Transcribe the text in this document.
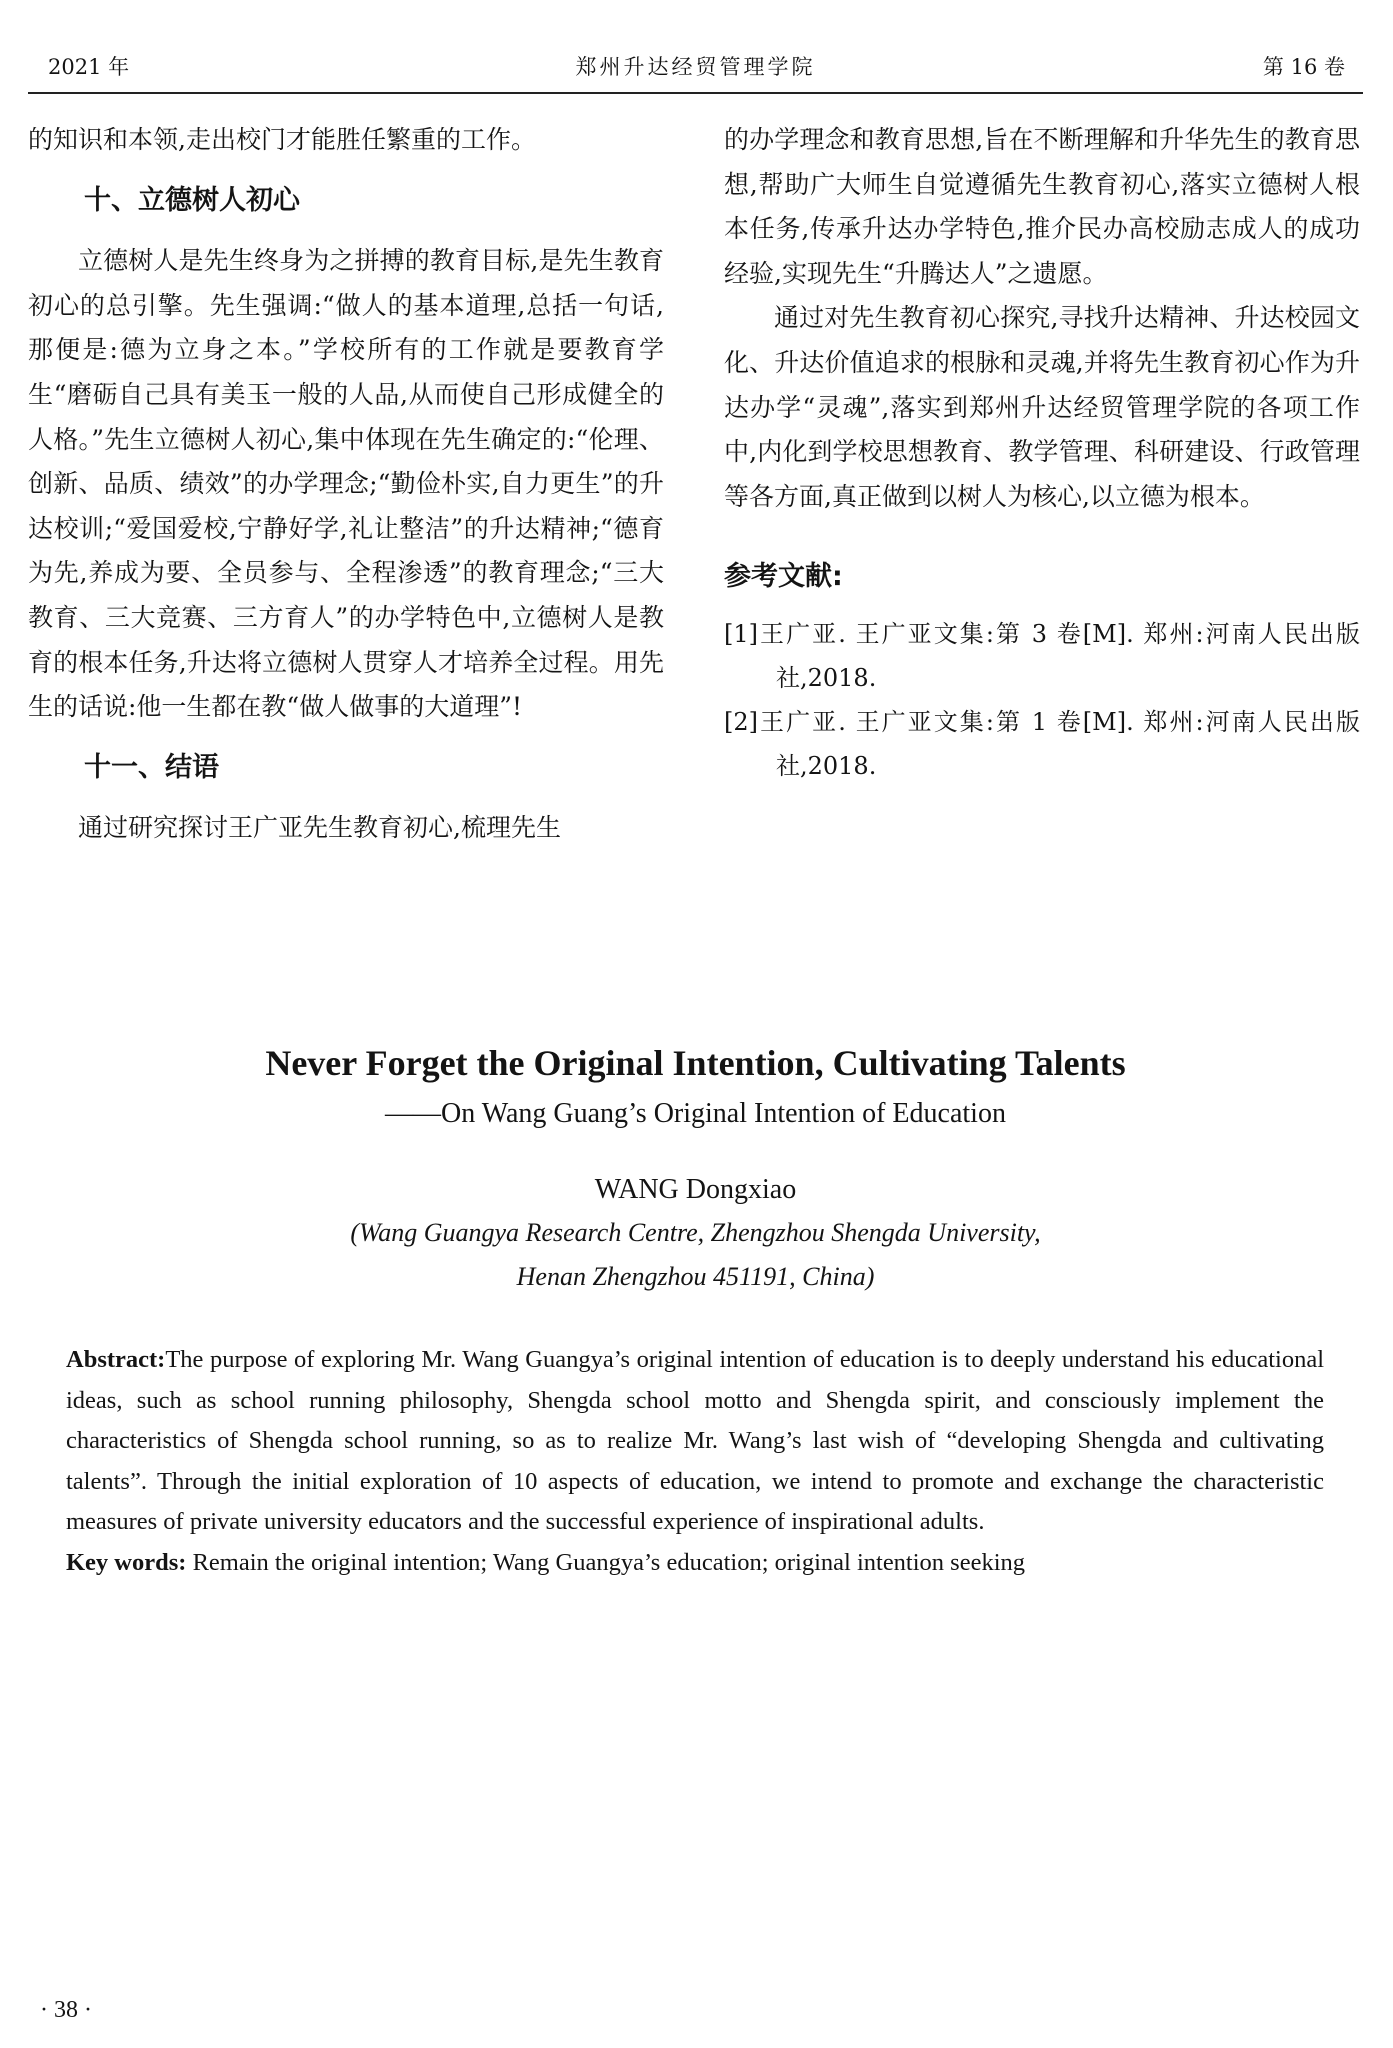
2021 年	郑州升达经贸管理学院	第 16 卷

的知识和本领,走出校门才能胜任繁重的工作。

十、立德树人初心

立德树人是先生终身为之拼搏的教育目标,是先生教育初心的总引擎。先生强调:“做人的基本道理,总括一句话,那便是:德为立身之本。”学校所有的工作就是要教育学生“磨砺自己具有美玉一般的人品,从而使自己形成健全的人格。”先生立德树人初心,集中体现在先生确定的:“伦理、创新、品质、绩效”的办学理念;“勤俭朴实,自力更生”的升达校训;“爱国爱校,宁静好学,礼让整洁”的升达精神;“德育为先,养成为要、全员参与、全程渗透”的教育理念;“三大教育、三大竞赛、三方育人”的办学特色中,立德树人是教育的根本任务,升达将立德树人贯穿人才培养全过程。用先生的话说:他一生都在教“做人做事的大道理”!

十一、结语

通过研究探讨王广亚先生教育初心,梳理先生

的办学理念和教育思想,旨在不断理解和升华先生的教育思想,帮助广大师生自觉遵循先生教育初心,落实立德树人根本任务,传承升达办学特色,推介民办高校励志成人的成功经验,实现先生“升腾达人”之遗愿。

通过对先生教育初心探究,寻找升达精神、升达校园文化、升达价值追求的根脉和灵魂,并将先生教育初心作为升达办学“灵魂”,落实到郑州升达经贸管理学院的各项工作中,内化到学校思想教育、教学管理、科研建设、行政管理等各方面,真正做到以树人为核心,以立德为根本。

参考文献:
[1]王广亚. 王广亚文集:第 3 卷[M]. 郑州:河南人民出版社,2018.
[2]王广亚. 王广亚文集:第 1 卷[M]. 郑州:河南人民出版社,2018.
Never Forget the Original Intention, Cultivating Talents
——On Wang Guang’s Original Intention of Education
WANG Dongxiao
(Wang Guangya Research Centre, Zhengzhou Shengda University,
Henan Zhengzhou 451191, China)

Abstract:The purpose of exploring Mr. Wang Guangya’s original intention of education is to deeply understand his educational ideas, such as school running philosophy, Shengda school motto and Shengda spirit, and consciously implement the characteristics of Shengda school running, so as to realize Mr. Wang’s last wish of “developing Shengda and cultivating talents”. Through the initial exploration of 10 aspects of education, we intend to promote and exchange the characteristic measures of private university educators and the successful experience of inspirational adults.

Key words: Remain the original intention; Wang Guangya’s education; original intention seeking

· 38 ·
